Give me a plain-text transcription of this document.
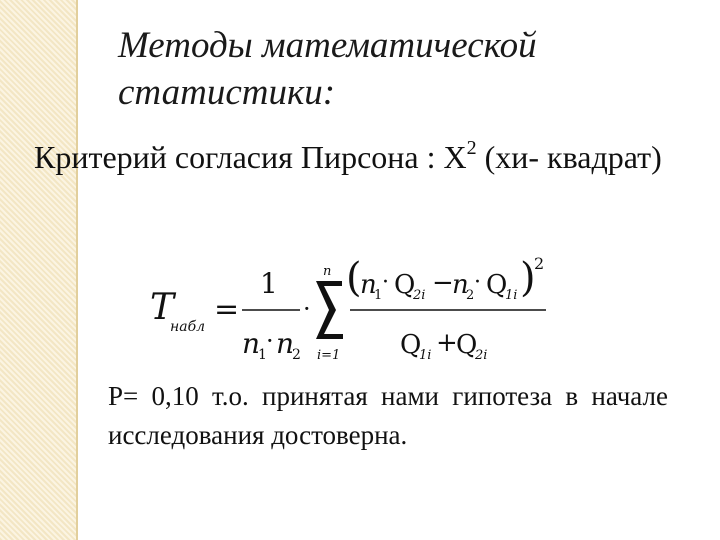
Методы математической статистики:
Критерий согласия Пирсона : $Х^2$ (хи- квадрат)
T
набл =
1
n
1 · n
2
·
n
i=1
(
n
1
· Q
2i −
n
2
· Q
1i )
2
Q
1i +
Q
2i
Р= 0,10 т.о. принятая нами гипотеза в начале исследования достоверна.
